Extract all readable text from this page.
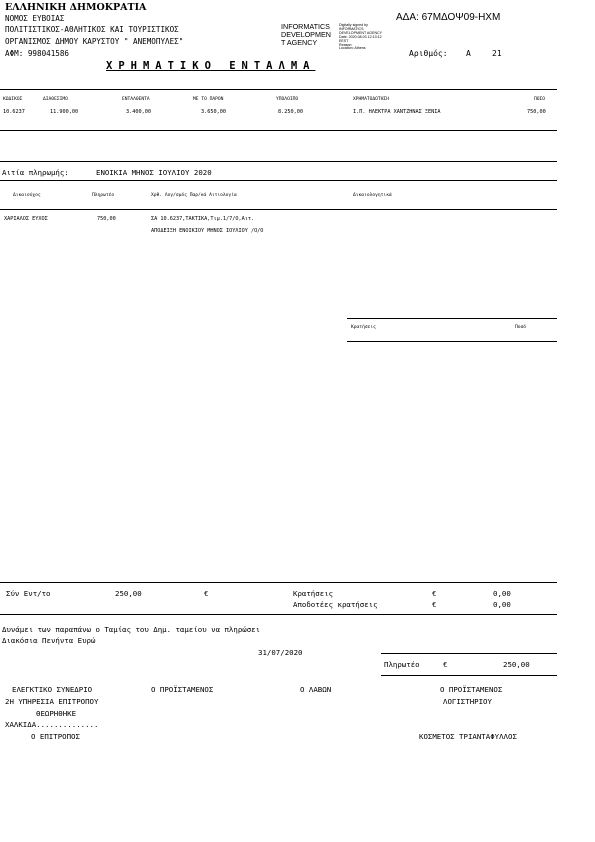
ΕΛΛΗΝΙΚΗ ΔΗΜΟΚΡΑΤΙΑ
ΝΟΜΟΣ ΕΥΒΟΙΑΣ
ΠΟΛΙΤΙΣΤΙΚΟΣ-ΑΘΛΗΤΙΚΟΣ ΚΑΙ ΤΟΥΡΙΣΤΙΚΟΣ
ΟΡΓΑΝΙΣΜΟΣ ΔΗΜΟΥ ΚΑΡΥΣΤΟΥ " ΑΝΕΜΟΠΥΛΕΣ"
ΑΦΜ: 998041586
INFORMATICS
DEVELOPMEN
T AGENCY
Digitally signed by
INFORMATICS
DEVELOPMENT AGENCY
Date: 2020.08.03 12:13:12
EEST
Reason:
Location: Athens
ΑΔΑ: 67ΜΔΟΨ09-ΗΧΜ
Αριθμός: Α	21
ΧΡΗΜΑΤΙΚΟ ΕΝΤΑΛΜΑ
ΚΩΔΙΚΟΣ	ΔΙΑΘΕΣΙΜΟ	ΕΝΤΑΛΘΕΝΤΑ	ΜΕ ΤΟ ΠΑΡΟΝ	ΥΠΟΛΟΙΠΟ	ΧΡΗΜΑΤΟΔΟΤΗΣΗ	ΠΟΣΟ
10.6237	11.900,00	3.400,00	3.650,00	8.250,00	Ι.Π. ΗΛΕΚΤΡΑ ΧΑΝΤΖΗΝΑΣ ΞΕΝΙΑ	750,00
Αιτία πληρωμής:	ΕΝΟΙΚΙΑ ΜΗΝΟΣ ΙΟΥΛΙΟΥ 2020
Δικαιούχος	Πληρωτέο	Χρθ. Λογ/σμός Παρ/κά Αιτιολογία	Δικαιολογητικά
ΧΑΡΙΑΛΟΣ ΕΥΧΟΣ	750,00	ΣΑ 10.6237,ΤΑΚΤΙΚΑ,Τιμ.1/7/Ο,Αιτ.
ΑΠΟΔΕΙΞΗ ΕΝΟΙΚΙΟΥ ΜΗΝΟΣ ΙΟΥΛΙΟΥ /Ο/Ο
Κρατήσεις	Ποσό
Σύν Εντ/το	250,00	€	Κρατήσεις	€	0,00
Αποδοτέες κρατήσεις	€	0,00
Δυνάμει των παραπάνω ο Ταμίας του Δημ. ταμείου να πληρώσει
Διακόσια Πενήντα Ευρώ
31/07/2020
Πληρωτέο	€	250,00
ΕΛΕΓΚΤΙΚΟ ΣΥΝΕΔΡΙΟ
2Η ΥΠΗΡΕΣΙΑ ΕΠΙΤΡΟΠΟΥ
ΘΕΩΡΗΘΗΚΕ
ΧΑΛΚΙΔΑ..............
Ο ΕΠΙΤΡΟΠΟΣ
Ο ΠΡΟΪΣΤΑΜΕΝΟΣ	Ο ΛΑΒΩΝ	Ο ΠΡΟΪΣΤΑΜΕΝΟΣ
ΛΟΓΙΣΤΗΡΙΟΥ
ΚΟΣΜΕΤΟΣ ΤΡΙΑΝΤΑΦΥΛΛΟΣ
